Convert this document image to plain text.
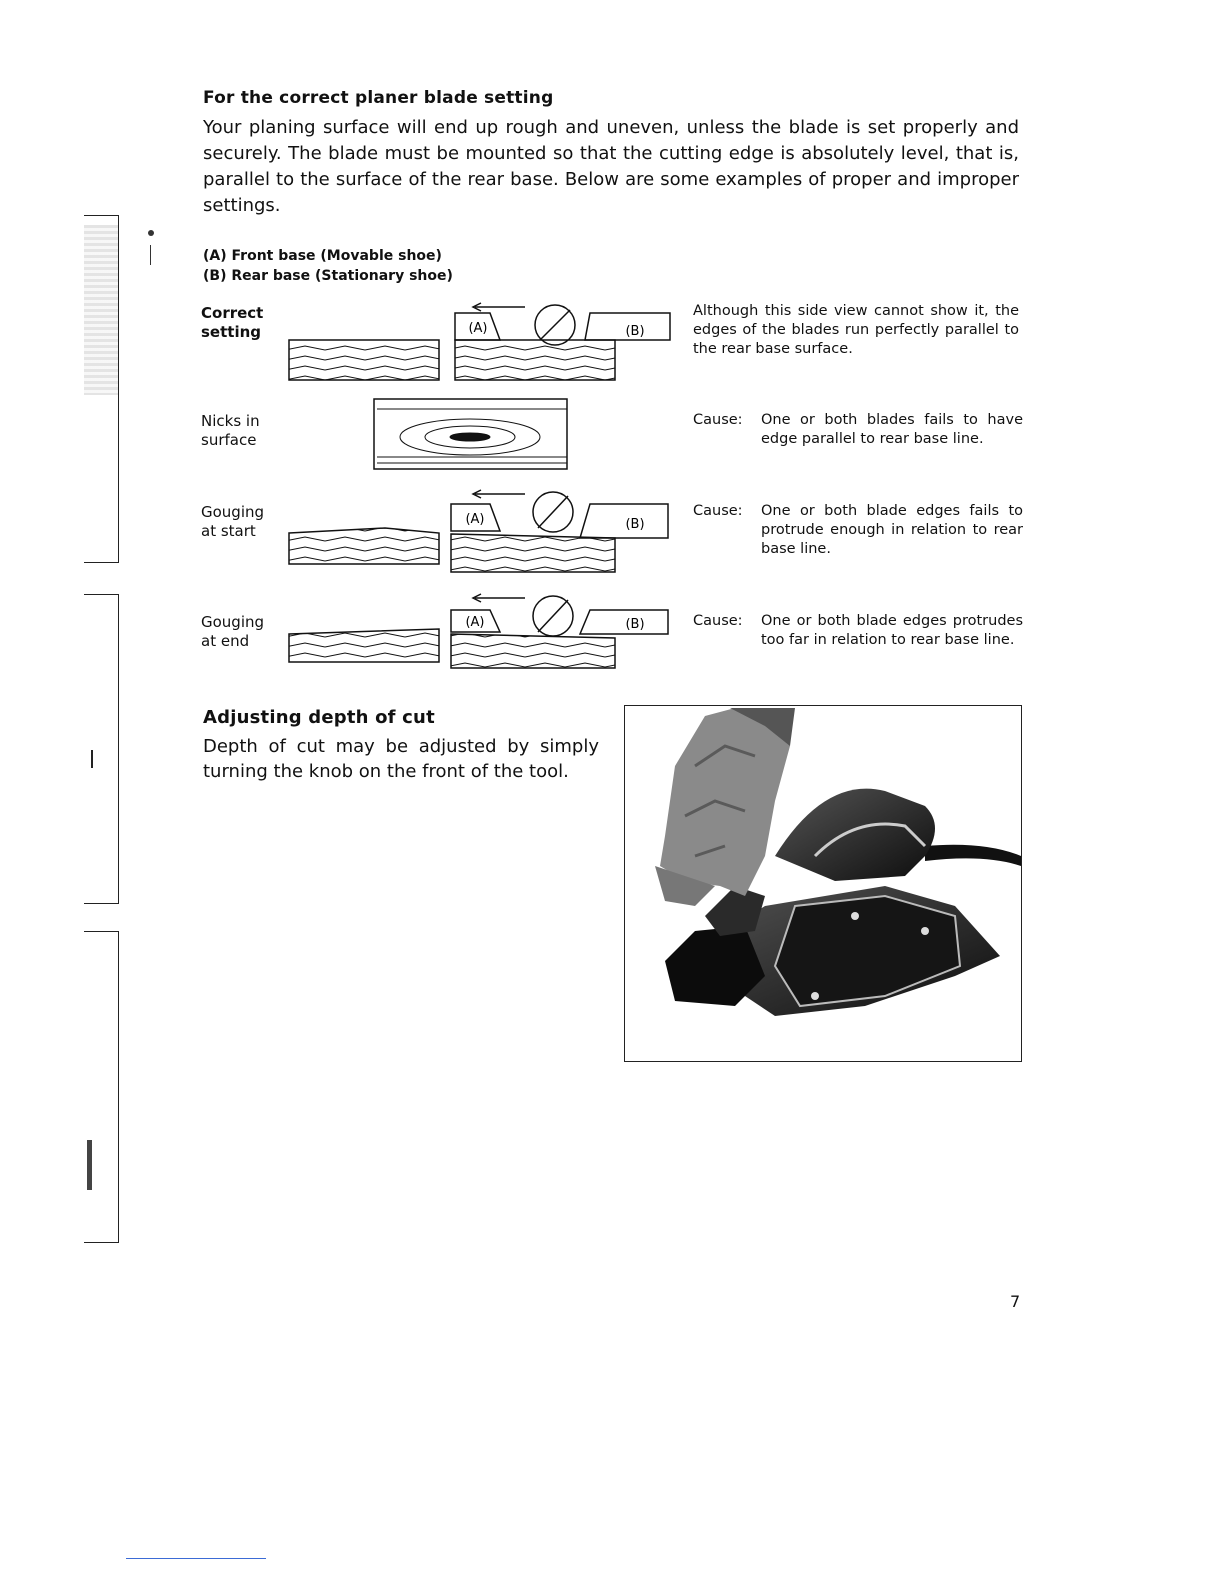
For the correct planer blade setting

Your planing surface will end up rough and uneven, unless the blade is set properly and securely. The blade must be mounted so that the cutting edge is absolutely level, that is, parallel to the surface of the rear base. Below are some examples of proper and improper settings.

(A) Front base (Movable shoe)
(B) Rear base (Stationary shoe)
Correct
setting	(A)	(B)
Although this side view cannot show it, the edges of the blades run perfectly parallel to the rear base surface.
Nicks in
surface
Cause:	One or both blades fails to have edge parallel to rear base line.
Gouging
at start
(A)	(B)
Cause:	One or both blade edges fails to protrude enough in relation to rear base line.
Gouging
at end
(A)	(B)	Cause:	One or both blade edges protrudes too far in relation to rear base line.
Adjusting depth of cut

Depth of cut may be adjusted by simply turning the knob on the front of the tool.

7
